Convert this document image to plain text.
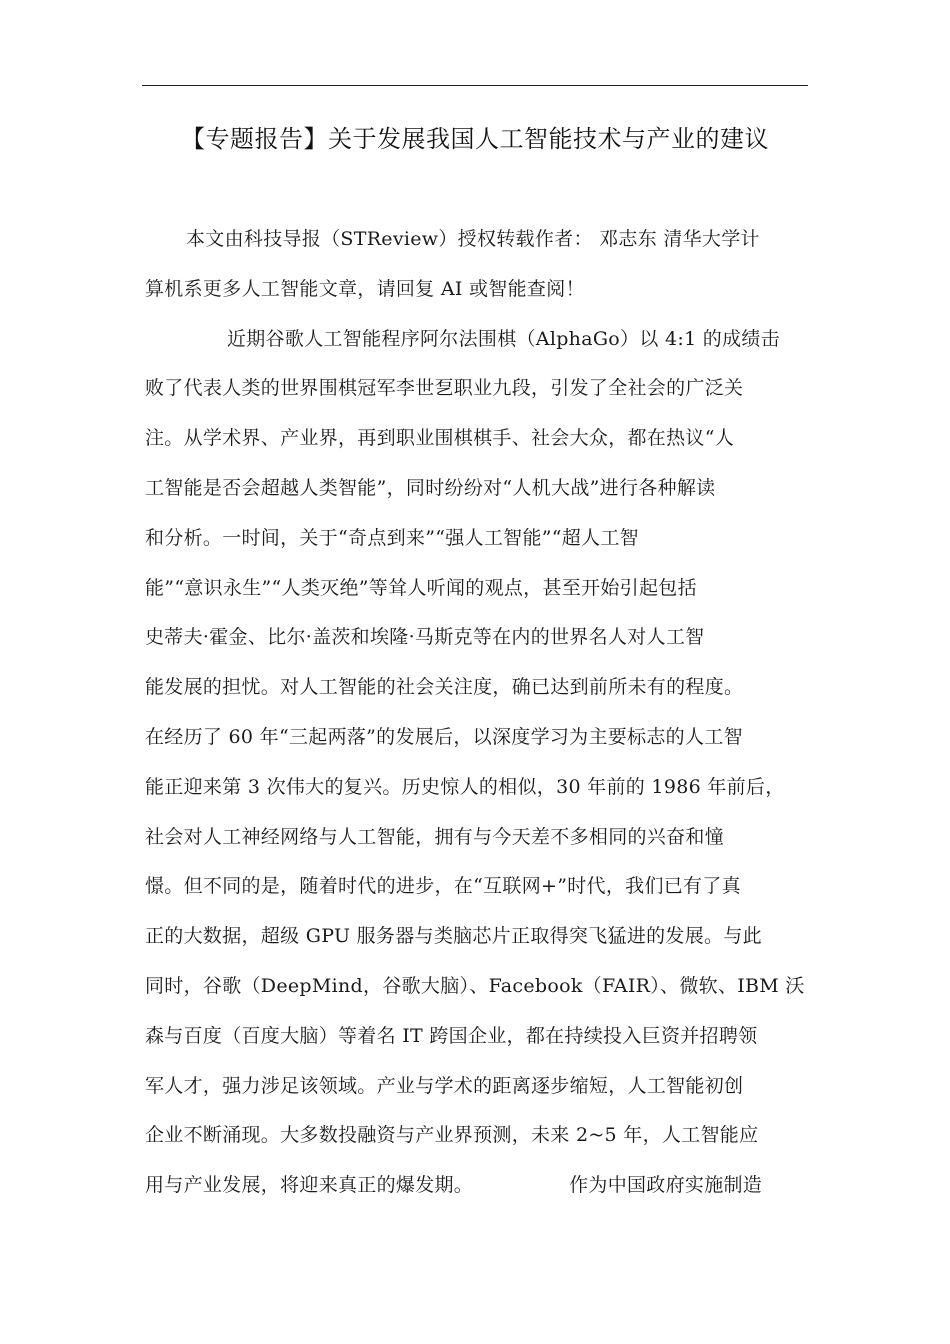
【专题报告】关于发展我国人工智能技术与产业的建议
本文由科技导报（STReview）授权转载作者： 邓志东 清华大学计
算机系更多人工智能文章，请回复 AI 或智能查阅！
近期谷歌人工智能程序阿尔法围棋（AlphaGo）以 4:1 的成绩击
败了代表人类的世界围棋冠军李世乭职业九段，引发了全社会的广泛关
注。从学术界、产业界，再到职业围棋棋手、社会大众，都在热议“人
工智能是否会超越人类智能”，同时纷纷对“人机大战”进行各种解读
和分析。一时间，关于“奇点到来”“强人工智能”“超人工智
能”“意识永生”“人类灭绝”等耸人听闻的观点，甚至开始引起包括
史蒂夫·霍金、比尔·盖茨和埃隆·马斯克等在内的世界名人对人工智
能发展的担忧。对人工智能的社会关注度，确已达到前所未有的程度。
在经历了 60 年“三起两落”的发展后，以深度学习为主要标志的人工智
能正迎来第 3 次伟大的复兴。历史惊人的相似，30 年前的 1986 年前后，
社会对人工神经网络与人工智能，拥有与今天差不多相同的兴奋和憧
憬。但不同的是，随着时代的进步，在“互联网+”时代，我们已有了真
正的大数据，超级 GPU 服务器与类脑芯片正取得突飞猛进的发展。与此
同时，谷歌（DeepMind，谷歌大脑）、Facebook（FAIR）、微软、IBM 沃
森与百度（百度大脑）等着名 IT 跨国企业，都在持续投入巨资并招聘领
军人才，强力涉足该领域。产业与学术的距离逐步缩短，人工智能初创
企业不断涌现。大多数投融资与产业界预测，未来 2~5 年，人工智能应
用与产业发展，将迎来真正的爆发期。	作为中国政府实施制造
